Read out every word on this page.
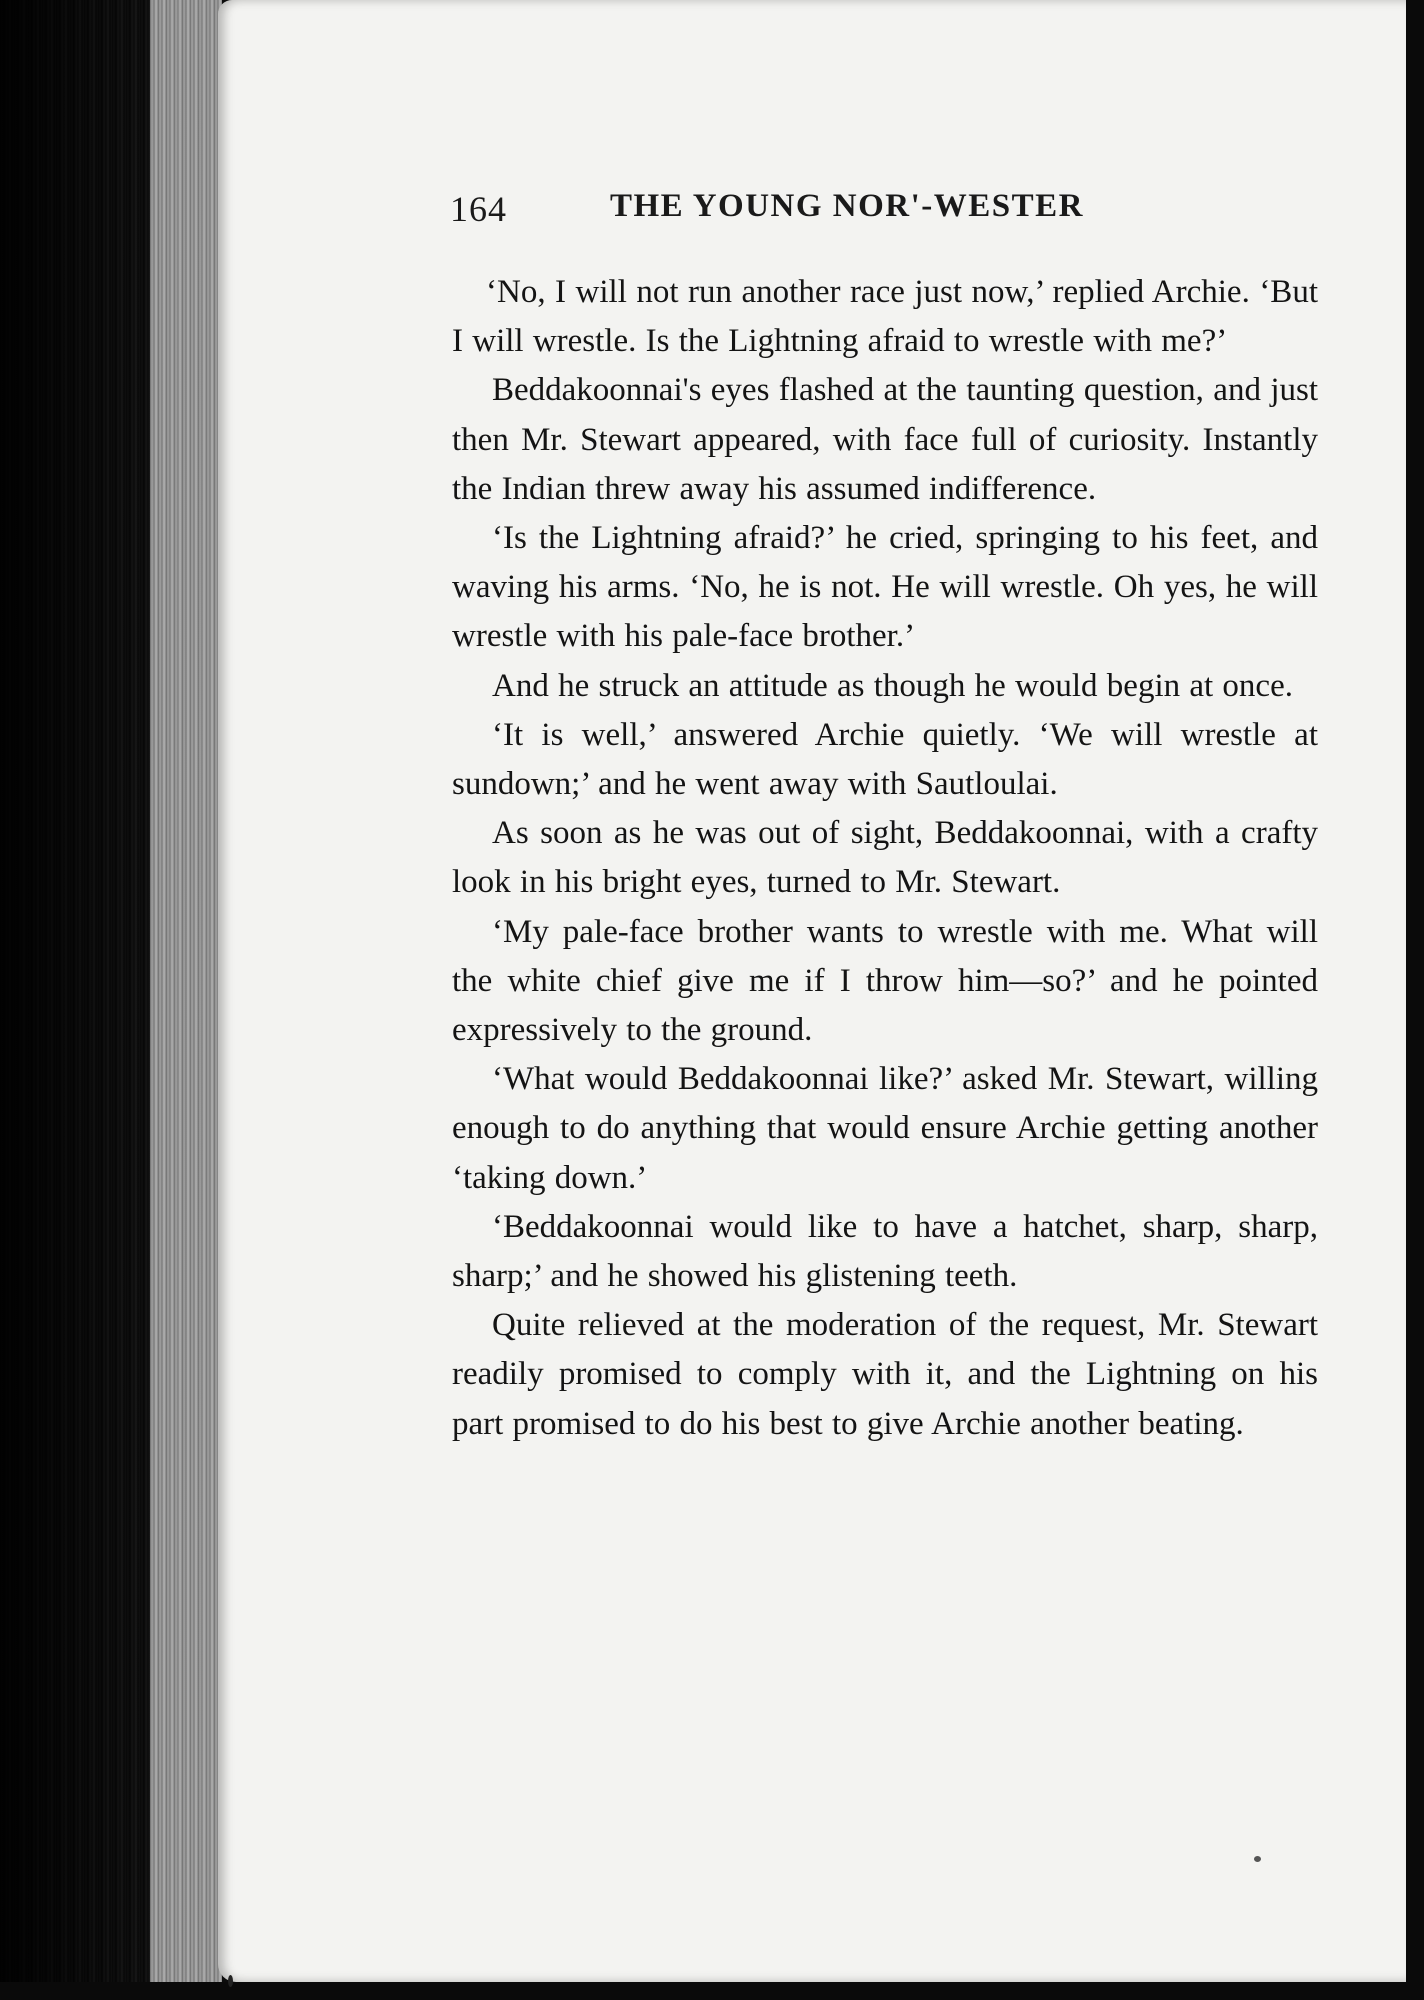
164	THE YOUNG NOR'-WESTER

‘No, I will not run another race just now,’ replied Archie. ‘But I will wrestle. Is the Lightning afraid to wrestle with me?’

Beddakoonnai's eyes flashed at the taunting question, and just then Mr. Stewart appeared, with face full of curiosity. Instantly the Indian threw away his assumed indifference.

‘Is the Lightning afraid?’ he cried, springing to his feet, and waving his arms. ‘No, he is not. He will wrestle. Oh yes, he will wrestle with his pale-face brother.’

And he struck an attitude as though he would begin at once.

‘It is well,’ answered Archie quietly. ‘We will wrestle at sundown;’ and he went away with Sautloulai.

As soon as he was out of sight, Beddakoonnai, with a crafty look in his bright eyes, turned to Mr. Stewart.

‘My pale-face brother wants to wrestle with me. What will the white chief give me if I throw him—so?’ and he pointed expressively to the ground.

‘What would Beddakoonnai like?’ asked Mr. Stewart, willing enough to do anything that would ensure Archie getting another ‘taking down.’

‘Beddakoonnai would like to have a hatchet, sharp, sharp, sharp;’ and he showed his glistening teeth.

Quite relieved at the moderation of the request, Mr. Stewart readily promised to comply with it, and the Lightning on his part promised to do his best to give Archie another beating.
